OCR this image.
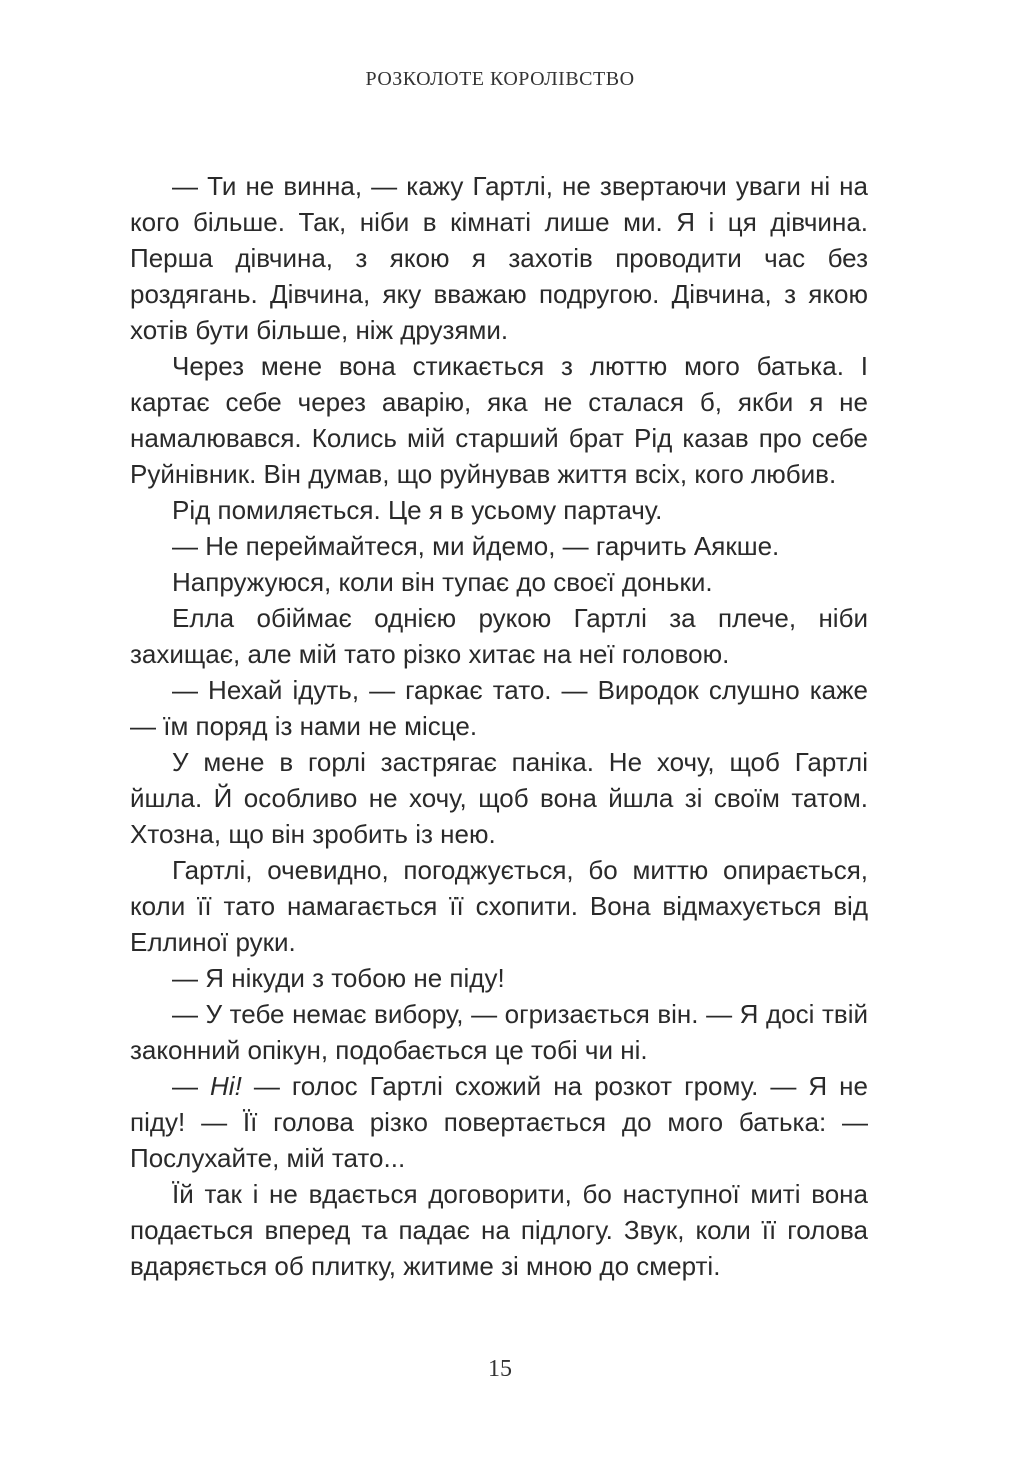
РОЗКОЛОТЕ КОРОЛІВСТВО

— Ти не винна, — кажу Гартлі, не звертаючи уваги ні на кого більше. Так, ніби в кімнаті лише ми. Я і ця дівчина. Перша дівчина, з якою я захотів проводити час без роздягань. Дівчина, яку вважаю подругою. Дівчина, з якою хотів бути більше, ніж друзями.

Через мене вона стикається з люттю мого батька. І картає себе через аварію, яка не сталася б, якби я не намалювався. Колись мій старший брат Рід казав про себе Руйнівник. Він думав, що руйнував життя всіх, кого любив.

Рід помиляється. Це я в усьому партачу.

— Не переймайтеся, ми йдемо, — гарчить Аякше.

Напружуюся, коли він тупає до своєї доньки.

Елла обіймає однією рукою Гартлі за плече, ніби захищає, але мій тато різко хитає на неї головою.

— Нехай ідуть, — гаркає тато. — Виродок слушно каже — їм поряд із нами не місце.

У мене в горлі застрягає паніка. Не хочу, щоб Гартлі йшла. Й особливо не хочу, щоб вона йшла зі своїм татом. Хтозна, що він зробить із нею.

Гартлі, очевидно, погоджується, бо миттю опирається, коли її тато намагається її схопити. Вона відмахується від Еллиної руки.

— Я нікуди з тобою не піду!

— У тебе немає вибору, — огризається він. — Я досі твій законний опікун, подобається це тобі чи ні.

— Ні! — голос Гартлі схожий на розкот грому. — Я не піду! — Її голова різко повертається до мого батька: — Послухайте, мій тато...

Їй так і не вдається договорити, бо наступної миті вона подається вперед та падає на підлогу. Звук, коли її голова вдаряється об плитку, житиме зі мною до смерті.

15
